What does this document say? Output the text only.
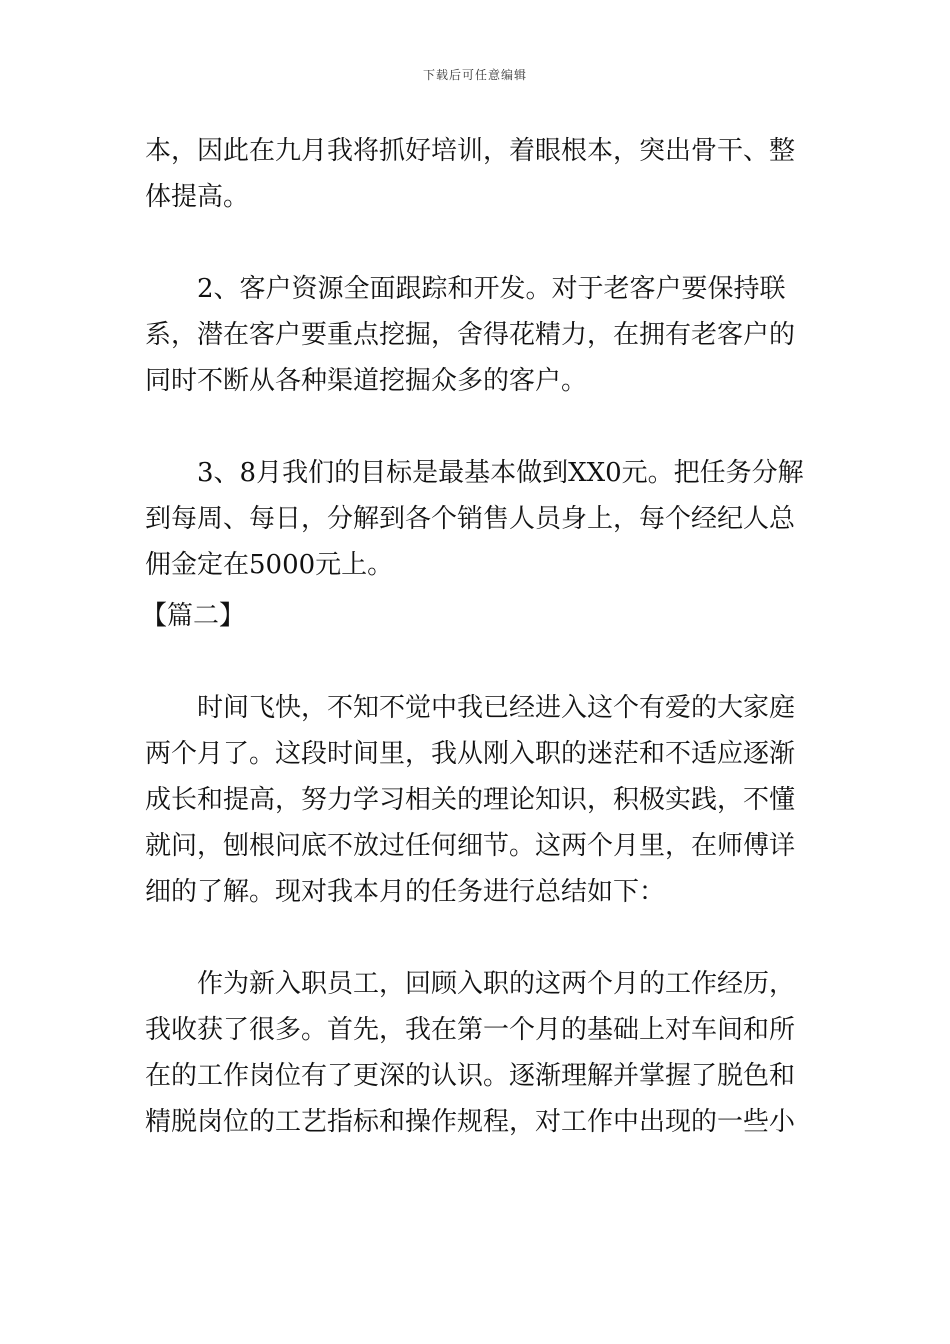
下载后可任意编辑

本，因此在九月我将抓好培训，着眼根本，突出骨干、整体提高。

2、客户资源全面跟踪和开发。对于老客户要保持联系，潜在客户要重点挖掘，舍得花精力，在拥有老客户的同时不断从各种渠道挖掘众多的客户。

3、8月我们的目标是最基本做到XX0元。把任务分解到每周、每日，分解到各个销售人员身上，每个经纪人总佣金定在5000元上。

【篇二】

时间飞快，不知不觉中我已经进入这个有爱的大家庭两个月了。这段时间里，我从刚入职的迷茫和不适应逐渐成长和提高，努力学习相关的理论知识，积极实践，不懂就问，刨根问底不放过任何细节。这两个月里，在师傅详细的了解。现对我本月的任务进行总结如下：

作为新入职员工，回顾入职的这两个月的工作经历，我收获了很多。首先，我在第一个月的基础上对车间和所在的工作岗位有了更深的认识。逐渐理解并掌握了脱色和精脱岗位的工艺指标和操作规程，对工作中出现的一些小
